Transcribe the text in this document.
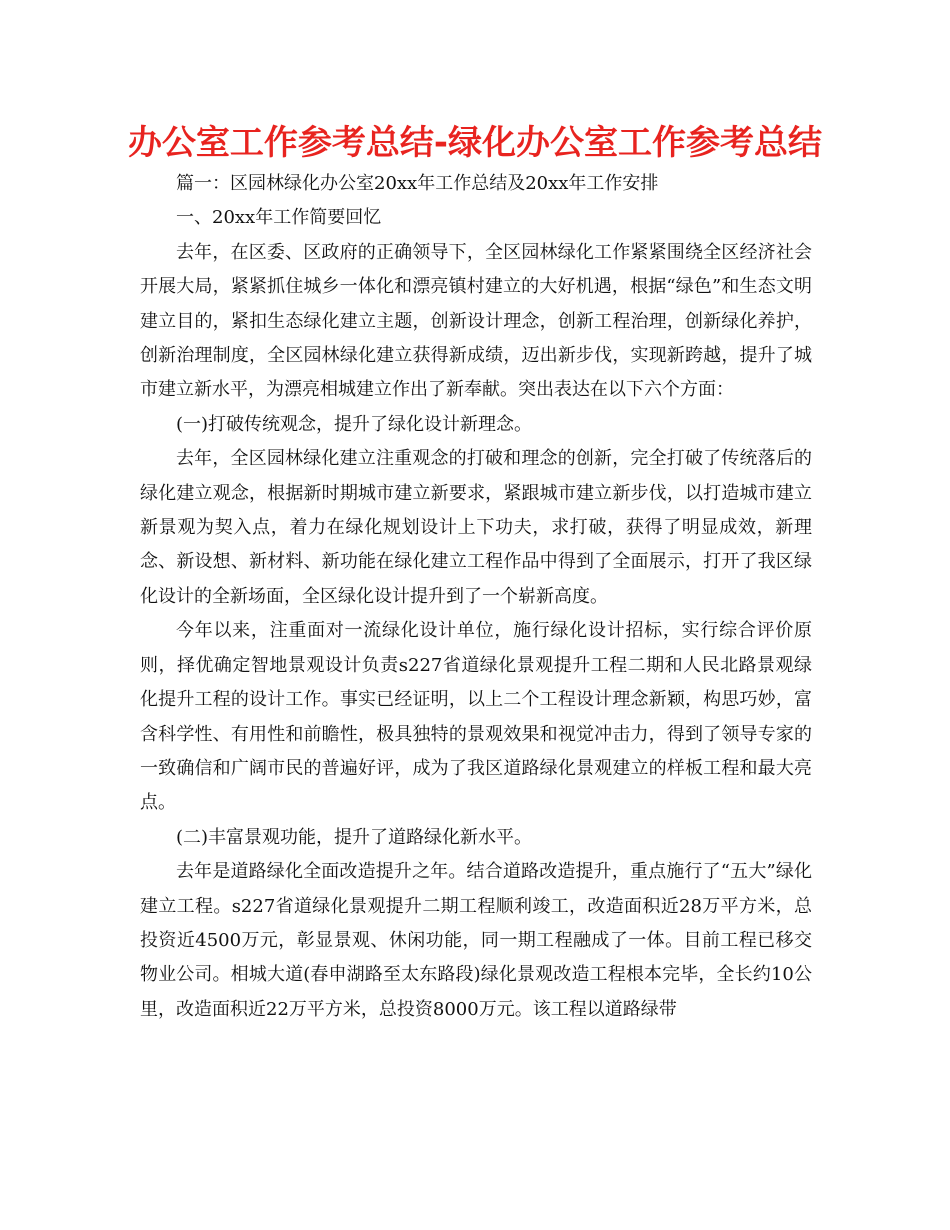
办公室工作参考总结-绿化办公室工作参考总结

篇一：区园林绿化办公室20xx年工作总结及20xx年工作安排

一、20xx年工作简要回忆

去年，在区委、区政府的正确领导下，全区园林绿化工作紧紧围绕全区经济社会开展大局，紧紧抓住城乡一体化和漂亮镇村建立的大好机遇，根据“绿色”和生态文明建立目的，紧扣生态绿化建立主题，创新设计理念，创新工程治理，创新绿化养护，创新治理制度，全区园林绿化建立获得新成绩，迈出新步伐，实现新跨越，提升了城市建立新水平，为漂亮相城建立作出了新奉献。突出表达在以下六个方面：

(一)打破传统观念，提升了绿化设计新理念。

去年，全区园林绿化建立注重观念的打破和理念的创新，完全打破了传统落后的绿化建立观念，根据新时期城市建立新要求，紧跟城市建立新步伐，以打造城市建立新景观为契入点，着力在绿化规划设计上下功夫，求打破，获得了明显成效，新理念、新设想、新材料、新功能在绿化建立工程作品中得到了全面展示，打开了我区绿化设计的全新场面，全区绿化设计提升到了一个崭新高度。

今年以来，注重面对一流绿化设计单位，施行绿化设计招标，实行综合评价原则，择优确定智地景观设计负责s227省道绿化景观提升工程二期和人民北路景观绿化提升工程的设计工作。事实已经证明，以上二个工程设计理念新颖，构思巧妙，富含科学性、有用性和前瞻性，极具独特的景观效果和视觉冲击力，得到了领导专家的一致确信和广阔市民的普遍好评，成为了我区道路绿化景观建立的样板工程和最大亮点。

(二)丰富景观功能，提升了道路绿化新水平。

去年是道路绿化全面改造提升之年。结合道路改造提升，重点施行了“五大”绿化建立工程。s227省道绿化景观提升二期工程顺利竣工，改造面积近28万平方米，总投资近4500万元，彰显景观、休闲功能，同一期工程融成了一体。目前工程已移交物业公司。相城大道(春申湖路至太东路段)绿化景观改造工程根本完毕，全长约10公里，改造面积近22万平方米，总投资8000万元。该工程以道路绿带
